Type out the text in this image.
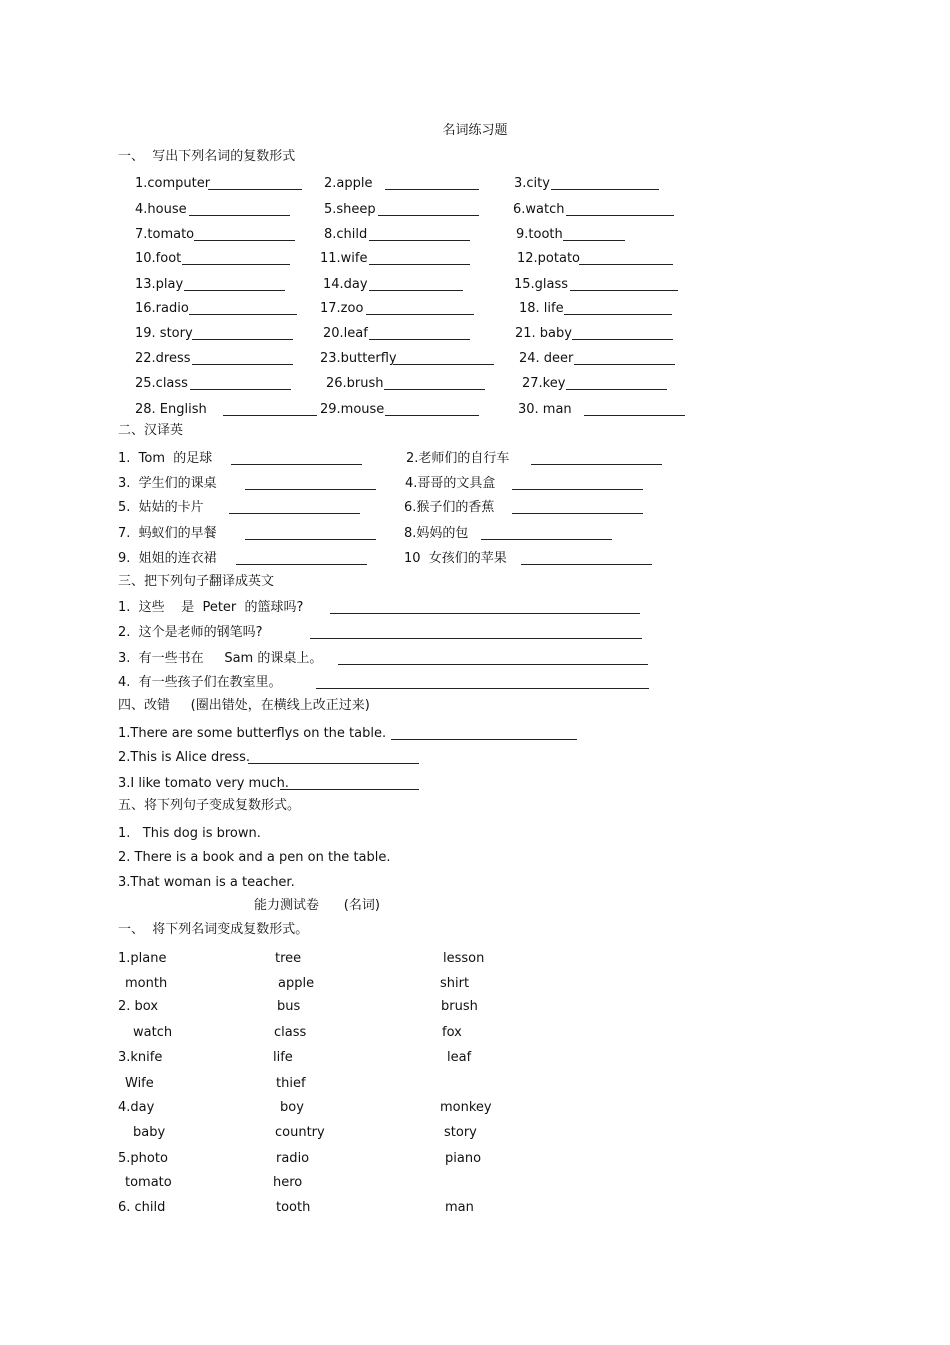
名词练习题
一、  写出下列名词的复数形式
1.computer	2.apple	3.city
4.house	5.sheep	6.watch
7.tomato	8.child	9.tooth
10.foot	11.wife	12.potato
13.play	14.day	15.glass
16.radio	17.zoo	18. life
19. story	20.leaf	21. baby
22.dress	23.butterfly	24. deer
25.class	26.brush	27.key
28. English	29.mouse	30. man
二、汉译英
1.  Tom  的足球	2.老师们的自行车
3.  学生们的课桌	4.哥哥的文具盒
5.  姑姑的卡片	6.猴子们的香蕉
7.  蚂蚁们的早餐	8.妈妈的包
9.  姐姐的连衣裙	10  女孩们的苹果
三、把下列句子翻译成英文
1.  这些    是  Peter  的篮球吗?
2.  这个是老师的钢笔吗?
3.  有一些书在     Sam 的课桌上。
4.  有一些孩子们在教室里。
四、改错     (圈出错处，在横线上改正过来)
1.There are some butterflys on the table.
2.This is Alice dress.
3.I like tomato very much.
五、将下列句子变成复数形式。
1.   This dog is brown.
2. There is a book and a pen on the table.
3.That woman is a teacher.
能力测试卷      (名词)
一、  将下列名词变成复数形式。
1.plane	tree	lesson
month	apple	shirt
2. box	bus	brush
watch	class	fox
3.knife	life	leaf
Wife	thief
4.day	boy	monkey
baby	country	story
5.photo	radio	piano
tomato	hero
6. child	tooth	man
